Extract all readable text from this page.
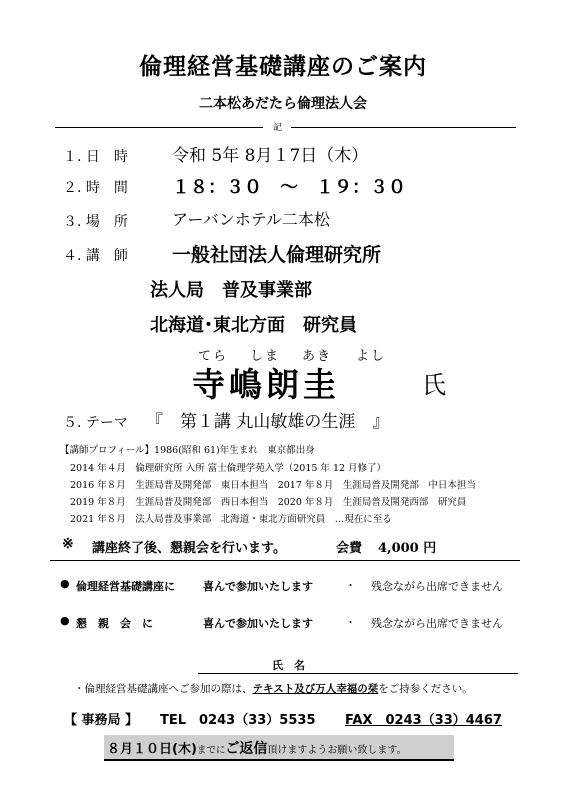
倫理経営基礎講座のご案内
二本松あだたら倫理法人会
記
１. 日　時	令和 5年 8月１7日（木）
２. 時　間 １８：３０　～　１９：３０
３. 場　所	アーバンホテル二本松
４. 講　師 一般社団法人倫理研究所
法人局　普及事業部
北海道･東北方面　研究員
てら しま あき よし
寺嶋朗圭	氏
５. テーマ 『　第１講 丸山敏雄の生涯　』
【講師プロフィール】1986(昭和 61)年生まれ　東京都出身
2014 年４月　倫理研究所 入所 富士倫理学苑入学（2015 年 12 月修了）
2016 年８月　生涯局普及開発部　東日本担当　2017 年８月　生涯局普及開発部　中日本担当
2019 年８月　生涯局普及開発部　西日本担当　2020 年８月　生涯局普及開発西部　研究員
2021 年８月　法人局普及事業部　北海道・東北方面研究員　…現在に至る
※ 講座終了後、懇親会を行います。	会費 4,000 円
● 倫理経営基礎講座に	喜んで参加いたします	・ 残念ながら出席できません
● 懇　親　会　に	喜んで参加いたします	・ 残念ながら出席できません
氏　名
・倫理経営基礎講座へご参加の際は、テキスト及び万人幸福の栞をご持参ください。
【 事務局 】 TEL　0243（33）5535 FAX　0243（33）4467
８月１０日(木)までにご返信頂けますようお願い致します。
